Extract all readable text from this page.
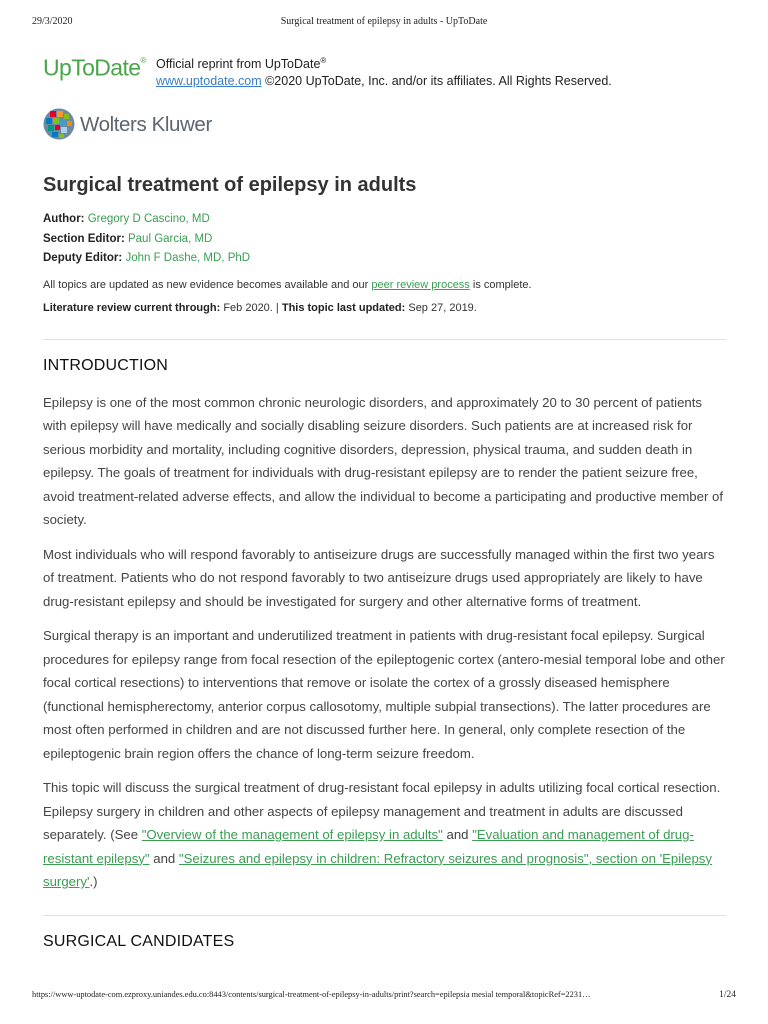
29/3/2020	Surgical treatment of epilepsy in adults - UpToDate
UpToDate® Official reprint from UpToDate®
www.uptodate.com ©2020 UpToDate, Inc. and/or its affiliates. All Rights Reserved.
Wolters Kluwer
Surgical treatment of epilepsy in adults
Author: Gregory D Cascino, MD
Section Editor: Paul Garcia, MD
Deputy Editor: John F Dashe, MD, PhD
All topics are updated as new evidence becomes available and our peer review process is complete.
Literature review current through: Feb 2020. | This topic last updated: Sep 27, 2019.
INTRODUCTION

Epilepsy is one of the most common chronic neurologic disorders, and approximately 20 to 30 percent of patients with epilepsy will have medically and socially disabling seizure disorders. Such patients are at increased risk for serious morbidity and mortality, including cognitive disorders, depression, physical trauma, and sudden death in epilepsy. The goals of treatment for individuals with drug-resistant epilepsy are to render the patient seizure free, avoid treatment-related adverse effects, and allow the individual to become a participating and productive member of society.

Most individuals who will respond favorably to antiseizure drugs are successfully managed within the first two years of treatment. Patients who do not respond favorably to two antiseizure drugs used appropriately are likely to have drug-resistant epilepsy and should be investigated for surgery and other alternative forms of treatment.

Surgical therapy is an important and underutilized treatment in patients with drug-resistant focal epilepsy. Surgical procedures for epilepsy range from focal resection of the epileptogenic cortex (antero-mesial temporal lobe and other focal cortical resections) to interventions that remove or isolate the cortex of a grossly diseased hemisphere (functional hemispherectomy, anterior corpus callosotomy, multiple subpial transections). The latter procedures are most often performed in children and are not discussed further here. In general, only complete resection of the epileptogenic brain region offers the chance of long-term seizure freedom.

This topic will discuss the surgical treatment of drug-resistant focal epilepsy in adults utilizing focal cortical resection. Epilepsy surgery in children and other aspects of epilepsy management and treatment in adults are discussed separately. (See "Overview of the management of epilepsy in adults" and "Evaluation and management of drug-resistant epilepsy" and "Seizures and epilepsy in children: Refractory seizures and prognosis", section on 'Epilepsy surgery'.)

SURGICAL CANDIDATES
https://www-uptodate-com.ezproxy.uniandes.edu.co:8443/contents/surgical-treatment-of-epilepsy-in-adults/print?search=epilepsia mesial temporal&topicRef=2231…	1/24
